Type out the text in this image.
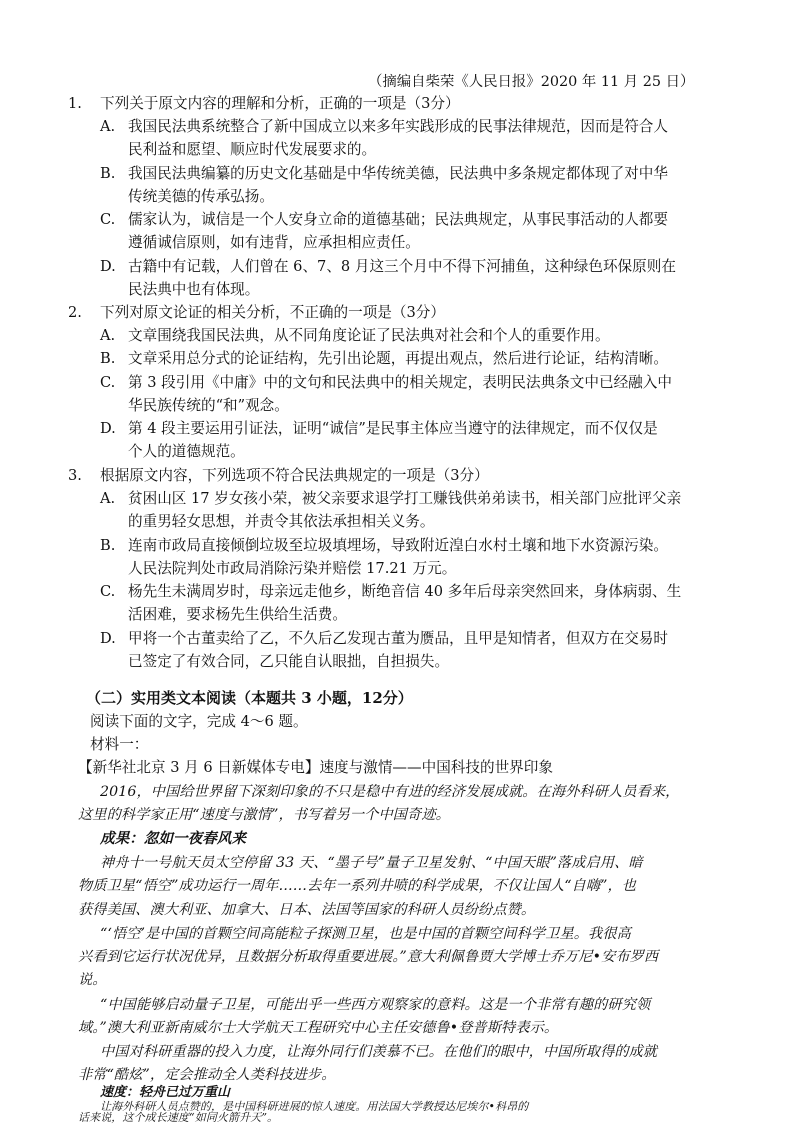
（摘编自柴荣《人民日报》2020 年 11 月 25 日）
1. 下列关于原文内容的理解和分析，正确的一项是（3分）
A. 我国民法典系统整合了新中国成立以来多年实践形成的民事法律规范，因而是符合人
民利益和愿望、顺应时代发展要求的。
B. 我国民法典编纂的历史文化基础是中华传统美德，民法典中多条规定都体现了对中华
传统美德的传承弘扬。
C. 儒家认为，诚信是一个人安身立命的道德基础；民法典规定，从事民事活动的人都要
遵循诚信原则，如有违背，应承担相应责任。
D. 古籍中有记载，人们曾在 6、7、8 月这三个月中不得下河捕鱼，这种绿色环保原则在
民法典中也有体现。
2. 下列对原文论证的相关分析，不正确的一项是（3分）
A. 文章围绕我国民法典，从不同角度论证了民法典对社会和个人的重要作用。
B. 文章采用总分式的论证结构，先引出论题，再提出观点，然后进行论证，结构清晰。
C. 第 3 段引用《中庸》中的文句和民法典中的相关规定，表明民法典条文中已经融入中
华民族传统的“和”观念。
D. 第 4 段主要运用引证法，证明“诚信”是民事主体应当遵守的法律规定，而不仅仅是
个人的道德规范。
3. 根据原文内容，下列选项不符合民法典规定的一项是（3分）
A. 贫困山区 17 岁女孩小荣，被父亲要求退学打工赚钱供弟弟读书，相关部门应批评父亲
的重男轻女思想，并责令其依法承担相关义务。
B. 连南市政局直接倾倒垃圾至垃圾填埋场，导致附近湟白水村土壤和地下水资源污染。
人民法院判处市政局消除污染并赔偿 17.21 万元。
C. 杨先生未满周岁时，母亲远走他乡，断绝音信 40 多年后母亲突然回来，身体病弱、生
活困难，要求杨先生供给生活费。
D. 甲将一个古董卖给了乙，不久后乙发现古董为赝品，且甲是知情者，但双方在交易时
已签定了有效合同，乙只能自认眼拙，自担损失。
（二）实用类文本阅读（本题共 3 小题，12分）
阅读下面的文字，完成 4～6 题。
材料一：
【新华社北京 3 月 6 日新媒体专电】速度与激情——中国科技的世界印象
2016，中国给世界留下深刻印象的不只是稳中有进的经济发展成就。在海外科研人员看来，
这里的科学家正用“速度与激情”，书写着另一个中国奇迹。
成果：忽如一夜春风来
神舟十一号航天员太空停留 33 天、“墨子号”量子卫星发射、“中国天眼”落成启用、暗
物质卫星“悟空”成功运行一周年……去年一系列井喷的科学成果，不仅让国人“自嗨”，也
获得美国、澳大利亚、加拿大、日本、法国等国家的科研人员纷纷点赞。
“‘悟空’是中国的首颗空间高能粒子探测卫星，也是中国的首颗空间科学卫星。我很高
兴看到它运行状况优异，且数据分析取得重要进展。”意大利佩鲁贾大学博士乔万尼•安布罗西
说。
“中国能够启动量子卫星，可能出乎一些西方观察家的意料。这是一个非常有趣的研究领
域。”澳大利亚新南威尔士大学航天工程研究中心主任安德鲁•登普斯特表示。
中国对科研重器的投入力度，让海外同行们羡慕不已。在他们的眼中，中国所取得的成就
非常“酷炫”，定会推动全人类科技进步。
速度：轻舟已过万重山
让海外科研人员点赞的，是中国科研进展的惊人速度。用法国大学教授达尼埃尔•科昂的
话来说，这个成长速度“如同火箭升天”。
